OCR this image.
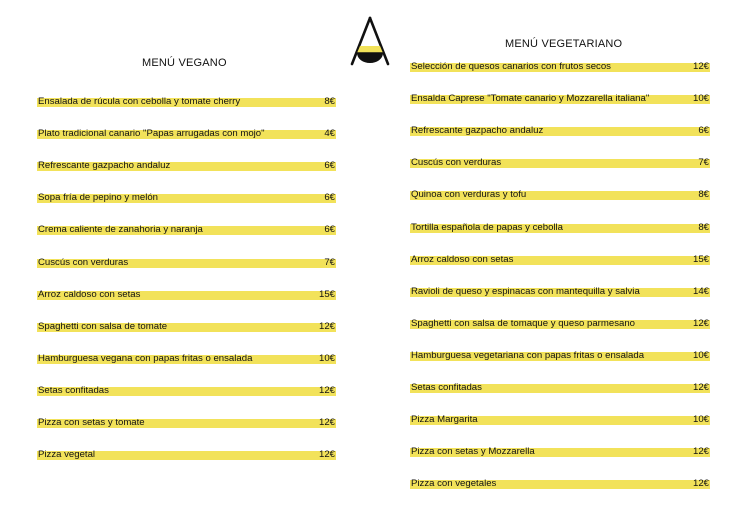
MENÚ VEGANO
Ensalada de rúcula con cebolla y tomate cherry	8€
Plato tradicional canario "Papas arrugadas con mojo"	4€
Refrescante gazpacho andaluz	6€
Sopa fría de pepino y melón	6€
Crema caliente de zanahoria y naranja	6€
Cuscús con verduras	7€
Arroz caldoso con setas	15€
Spaghetti con salsa de tomate	12€
Hamburguesa vegana con papas fritas o ensalada	10€
Setas confitadas	12€
Pizza con setas y tomate	12€
Pizza vegetal	12€
MENÚ VEGETARIANO
Selección de quesos canarios con frutos secos	12€
Ensalda Caprese "Tomate canario y Mozzarella italiana"	10€
Refrescante gazpacho andaluz	6€
Cuscús con verduras	7€
Quinoa con verduras y tofu	8€
Tortilla española de papas y cebolla	8€
Arroz caldoso con setas	15€
Ravioli de queso y espinacas con mantequilla y salvia	14€
Spaghetti con salsa de tomaque y queso parmesano	12€
Hamburguesa vegetariana con papas fritas o ensalada	10€
Setas confitadas	12€
Pizza Margarita	10€
Pizza con setas y Mozzarella	12€
Pizza con vegetales	12€
